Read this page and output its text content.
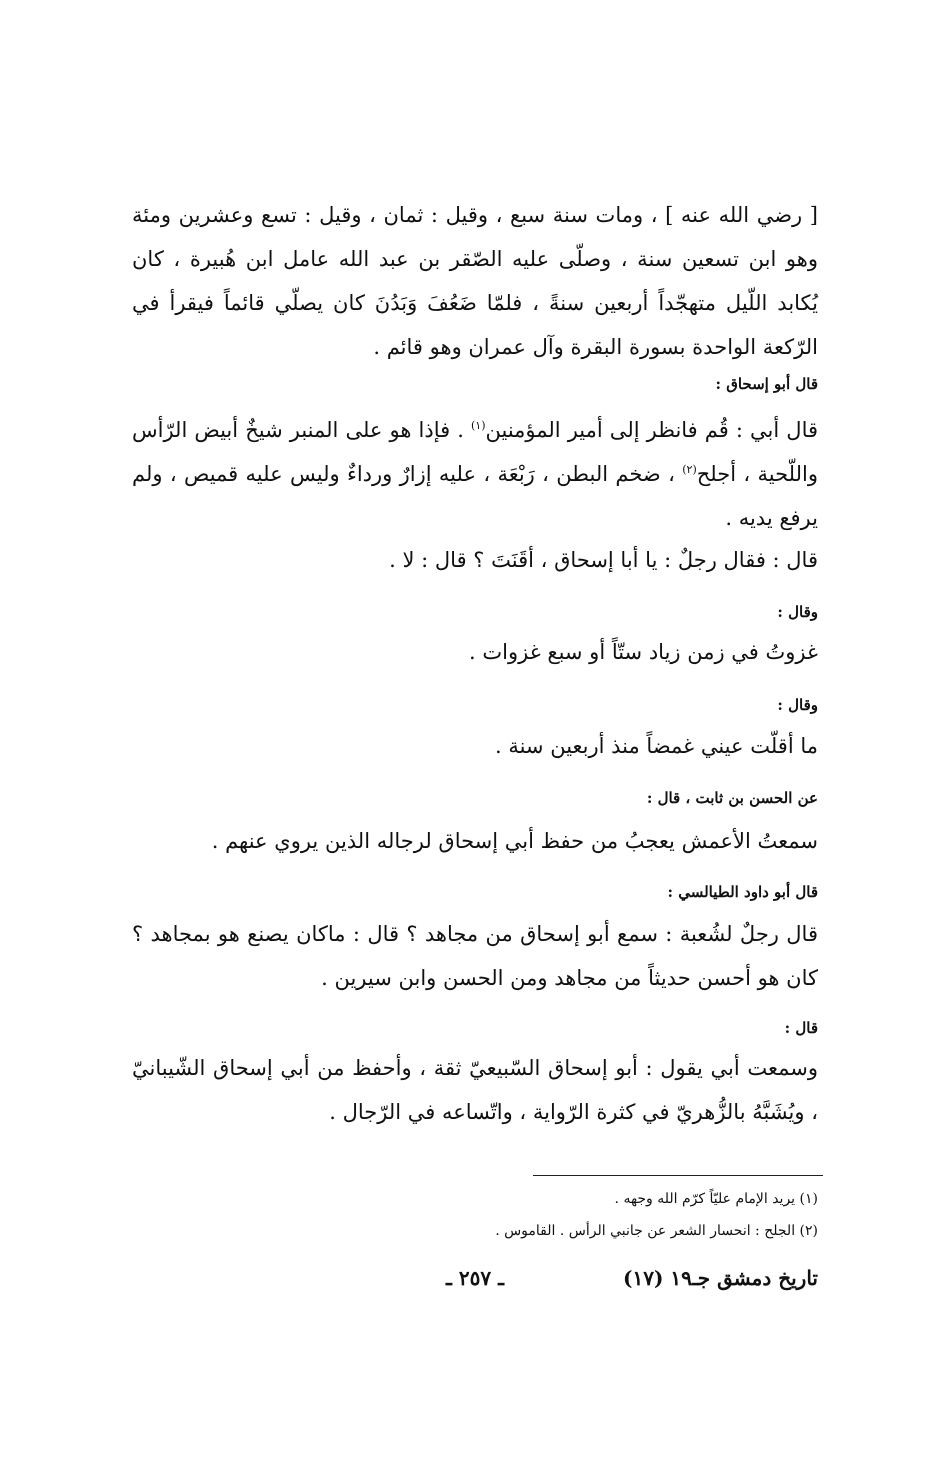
[ رضي الله عنه ] ، ومات سنة سبع ، وقيل : ثمان ، وقيل : تسع وعشرين ومئة وهو ابن تسعين سنة ، وصلّى عليه الصّقر بن عبد الله عامل ابن هُبيرة ، كان يُكابد اللّيل متهجّداً أربعين سنةً ، فلمّا ضَعُفَ وَبَدُنَ كان يصلّي قائماً فيقرأ في الرّكعة الواحدة بسورة البقرة وآل عمران وهو قائم .
قال أبو إسحاق :
قال أبي : قُم فانظر إلى أمير المؤمنين$^{(١)}$ . فإذا هو على المنبر شيخٌ أبيض الرّأس واللّحية ، أجلح$^{(٢)}$ ، ضخم البطن ، رَبْعَة ، عليه إزارٌ ورداءٌ وليس عليه قميص ، ولم يرفع يديه .
قال : فقال رجلٌ : يا أبا إسحاق ، أقَنَتَ ؟ قال : لا .
وقال :
غزوتُ في زمن زياد ستّاً أو سبع غزوات .
وقال :
ما أقلّت عيني غمضاً منذ أربعين سنة .
عن الحسن بن ثابت ، قال :
سمعتُ الأعمش يعجبُ من حفظ أبي إسحاق لرجاله الذين يروي عنهم .
قال أبو داود الطيالسي :
قال رجلٌ لشُعبة : سمع أبو إسحاق من مجاهد ؟ قال : ماكان يصنع هو بمجاهد ؟ كان هو أحسن حديثاً من مجاهد ومن الحسن وابن سيرين .
قال :
وسمعت أبي يقول : أبو إسحاق السّبيعيّ ثقة ، وأحفظ من أبي إسحاق الشّيبانيّ ، ويُشَبَّهُ بالزُّهريّ في كثرة الرّواية ، واتّساعه في الرّجال .
(١) يريد الإمام عليّاً كرّم الله وجهه .
(٢) الجلح : انحسار الشعر عن جانبي الرأس . القاموس .
ـ ٢٥٧ ـ	تاريخ دمشق جـ١٩ (١٧)
